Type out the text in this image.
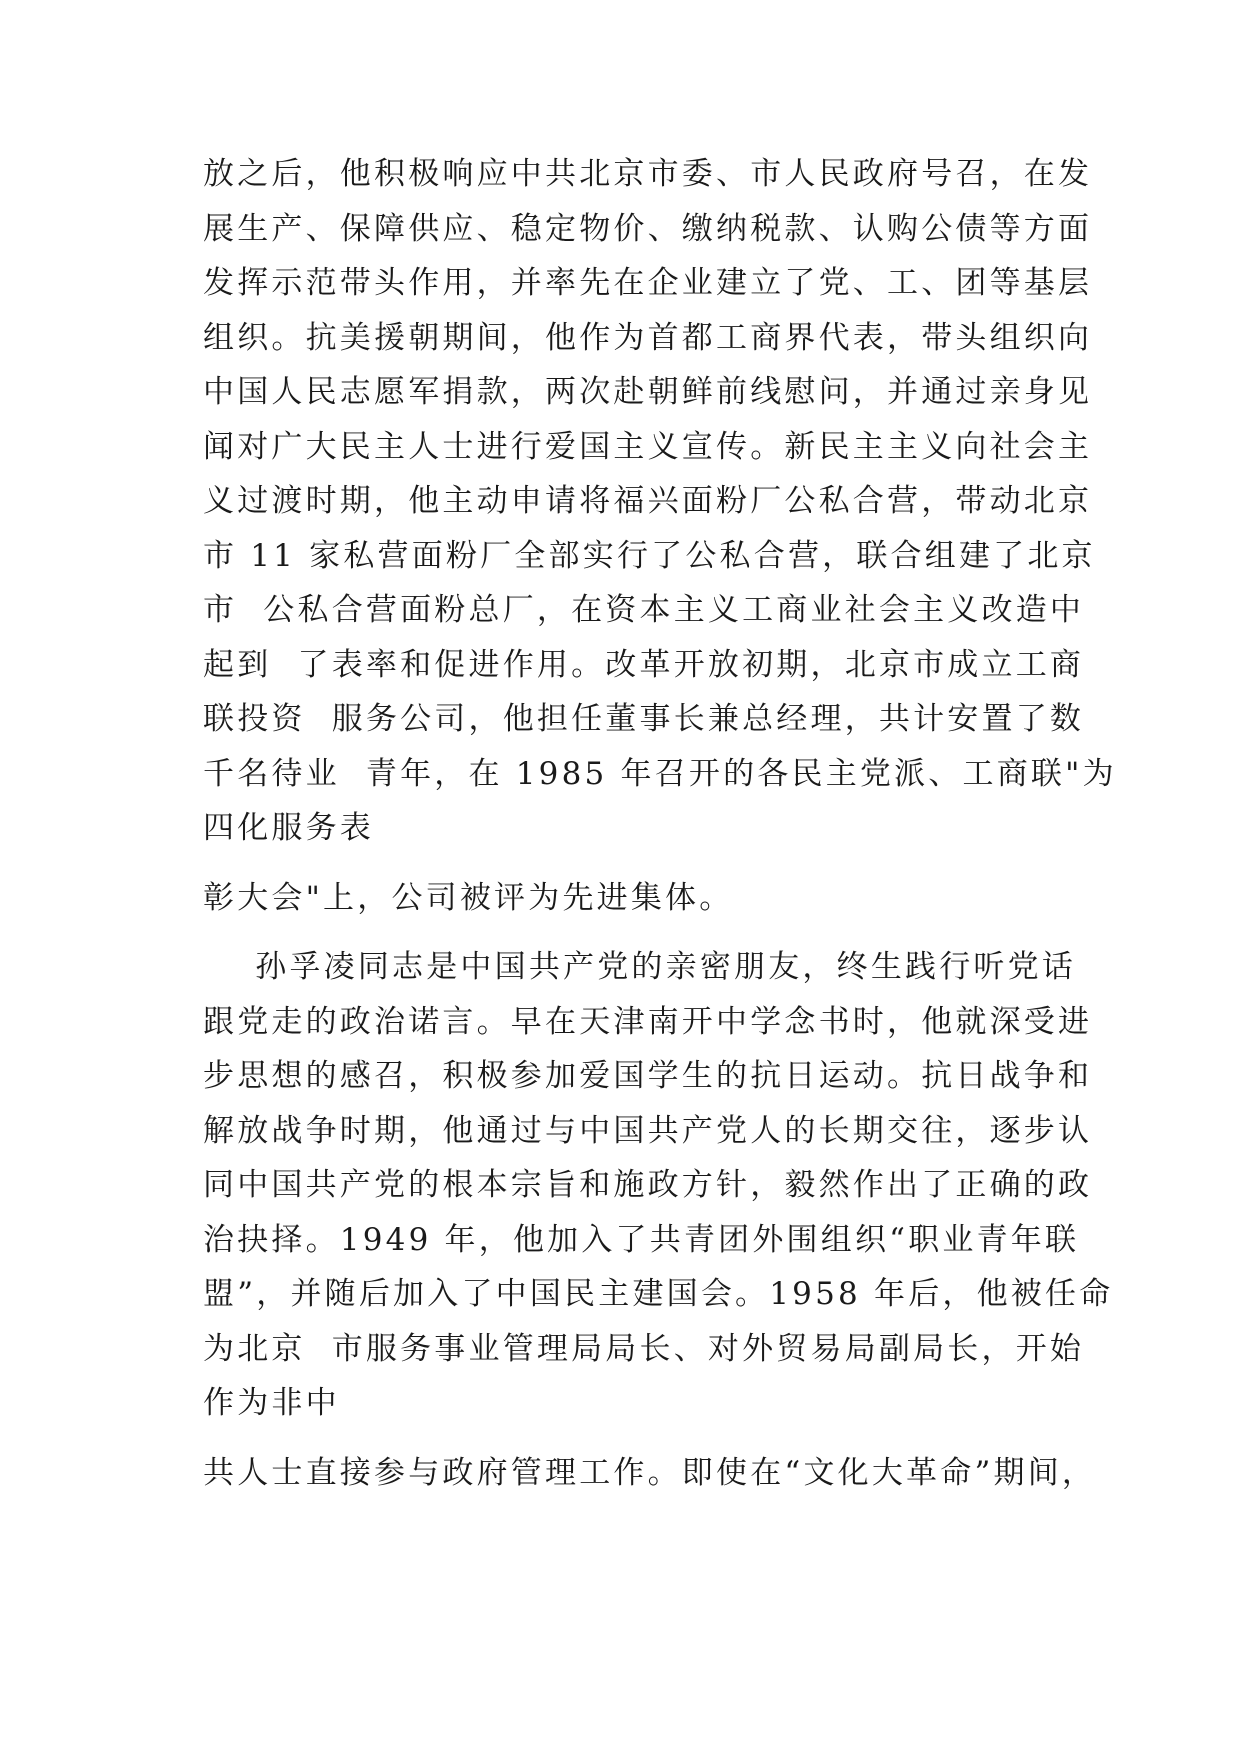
放之后，他积极响应中共北京市委、市人民政府号召，在发
展生产、保障供应、稳定物价、缴纳税款、认购公债等方面
发挥示范带头作用，并率先在企业建立了党、工、团等基层
组织。抗美援朝期间，他作为首都工商界代表，带头组织向
中国人民志愿军捐款，两次赴朝鲜前线慰问，并通过亲身见
闻对广大民主人士进行爱国主义宣传。新民主主义向社会主
义过渡时期，他主动申请将福兴面粉厂公私合营，带动北京
市 11 家私营面粉厂全部实行了公私合营，联合组建了北京
市  公私合营面粉总厂，在资本主义工商业社会主义改造中
起到  了表率和促进作用。改革开放初期，北京市成立工商
联投资  服务公司，他担任董事长兼总经理，共计安置了数
千名待业  青年，在 1985 年召开的各民主党派、工商联"为
四化服务表
彰大会"上，公司被评为先进集体。
孙孚凌同志是中国共产党的亲密朋友，终生践行听党话
跟党走的政治诺言。早在天津南开中学念书时，他就深受进
步思想的感召，积极参加爱国学生的抗日运动。抗日战争和
解放战争时期，他通过与中国共产党人的长期交往，逐步认
同中国共产党的根本宗旨和施政方针，毅然作出了正确的政
治抉择。1949 年，他加入了共青团外围组织“职业青年联
盟”，并随后加入了中国民主建国会。1958 年后，他被任命
为北京  市服务事业管理局局长、对外贸易局副局长，开始
作为非中
共人士直接参与政府管理工作。即使在“文化大革命”期间，
